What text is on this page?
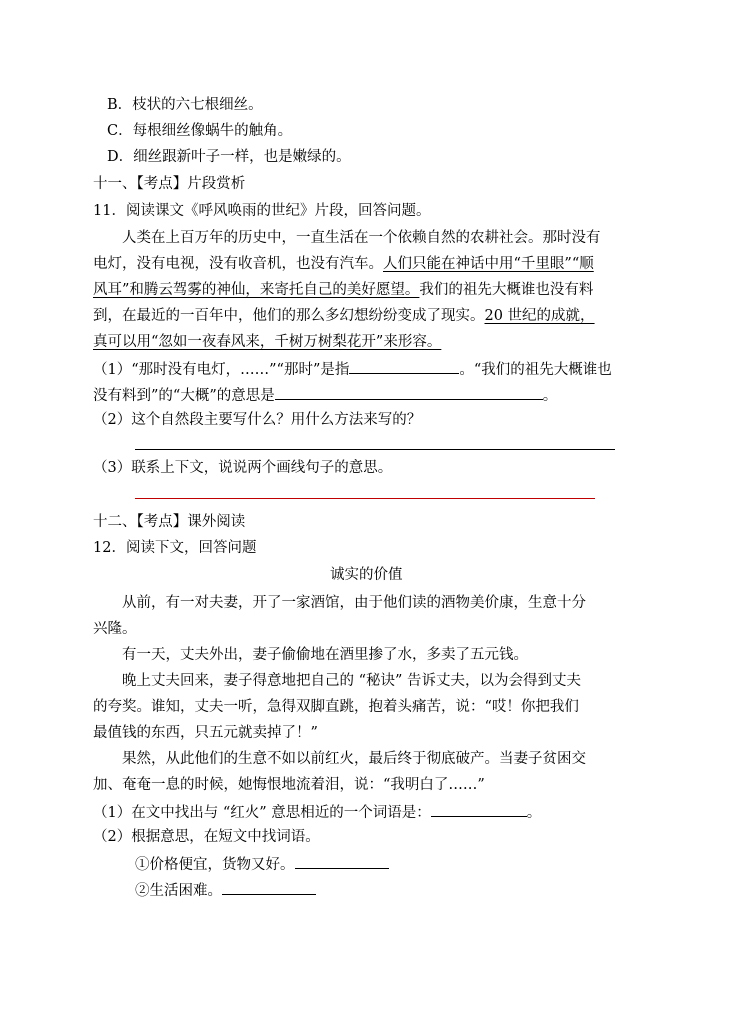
B．枝状的六七根细丝。
C．每根细丝像蜗牛的触角。
D．细丝跟新叶子一样，也是嫩绿的。
十一、【考点】片段赏析
11．阅读课文《呼风唤雨的世纪》片段，回答问题。
人类在上百万年的历史中，一直生活在一个依赖自然的农耕社会。那时没有
电灯，没有电视，没有收音机，也没有汽车。人们只能在神话中用“千里眼”“顺
风耳”和腾云驾雾的神仙，来寄托自己的美好愿望。我们的祖先大概谁也没有料
到，在最近的一百年中，他们的那么多幻想纷纷变成了现实。20 世纪的成就，
真可以用“忽如一夜春风来，千树万树梨花开”来形容。
（1）“那时没有电灯，……”“那时”是指	。“我们的祖先大概谁也
没有料到”的“大概”的意思是	。
（2）这个自然段主要写什么？用什么方法来写的？
（3）联系上下文，说说两个画线句子的意思。
十二、【考点】课外阅读
12．阅读下文，回答问题
诚实的价值
从前，有一对夫妻，开了一家酒馆，由于他们读的酒物美价康，生意十分
兴隆。
有一天，丈夫外出，妻子偷偷地在酒里掺了水，多卖了五元钱。
晚上丈夫回来，妻子得意地把自己的 “秘诀” 告诉丈夫，以为会得到丈夫
的夸奖。谁知，丈夫一听，急得双脚直跳，抱着头痛苦，说：“哎！你把我们
最值钱的东西，只五元就卖掉了！”
果然，从此他们的生意不如以前红火，最后终于彻底破产。当妻子贫困交
加、奄奄一息的时候，她悔恨地流着泪，说：“我明白了……”
（1）在文中找出与 “红火” 意思相近的一个词语是：	。
（2）根据意思，在短文中找词语。
①价格便宜，货物又好。
②生活困难。
